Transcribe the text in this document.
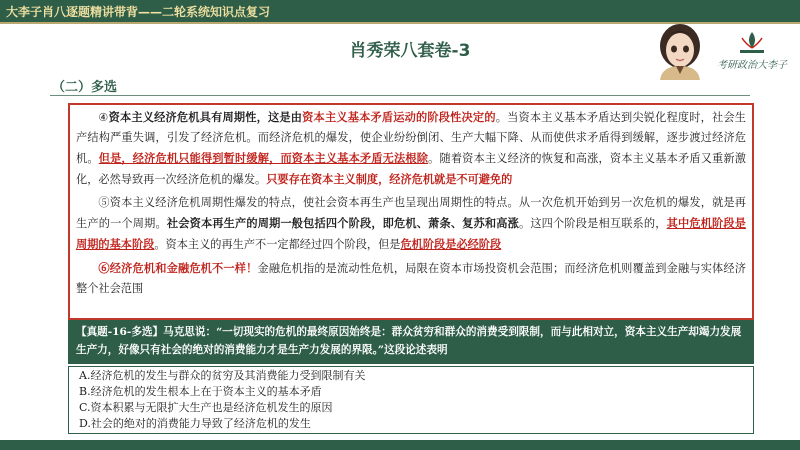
大李子肖八逐题精讲带背——二轮系统知识点复习
肖秀荣八套卷-3
考研政治大李子
（二）多选

④资本主义经济危机具有周期性，这是由资本主义基本矛盾运动的阶段性决定的。当资本主义基本矛盾达到尖锐化程度时，社会生产结构严重失调，引发了经济危机。而经济危机的爆发，使企业纷纷倒闭、生产大幅下降、从而使供求矛盾得到缓解，逐步渡过经济危机。但是，经济危机只能得到暂时缓解，而资本主义基本矛盾无法根除。随着资本主义经济的恢复和高涨，资本主义基本矛盾又重新激化，必然导致再一次经济危机的爆发。只要存在资本主义制度，经济危机就是不可避免的

⑤资本主义经济危机周期性爆发的特点，使社会资本再生产也呈现出周期性的特点。从一次危机开始到另一次危机的爆发，就是再生产的一个周期。社会资本再生产的周期一般包括四个阶段，即危机、萧条、复苏和高涨。这四个阶段是相互联系的，其中危机阶段是周期的基本阶段。资本主义的再生产不一定都经过四个阶段，但是危机阶段是必经阶段

⑥经济危机和金融危机不一样！金融危机指的是流动性危机，局限在资本市场投资机会范围；而经济危机则覆盖到金融与实体经济整个社会范围

【真题-16-多选】马克思说：“一切现实的危机的最终原因始终是：群众贫穷和群众的消费受到限制，而与此相对立，资本主义生产却竭力发展生产力，好像只有社会的绝对的消费能力才是生产力发展的界限。”这段论述表明
A.经济危机的发生与群众的贫穷及其消费能力受到限制有关
B.经济危机的发生根本上在于资本主义的基本矛盾
C.资本积累与无限扩大生产也是经济危机发生的原因
D.社会的绝对的消费能力导致了经济危机的发生
